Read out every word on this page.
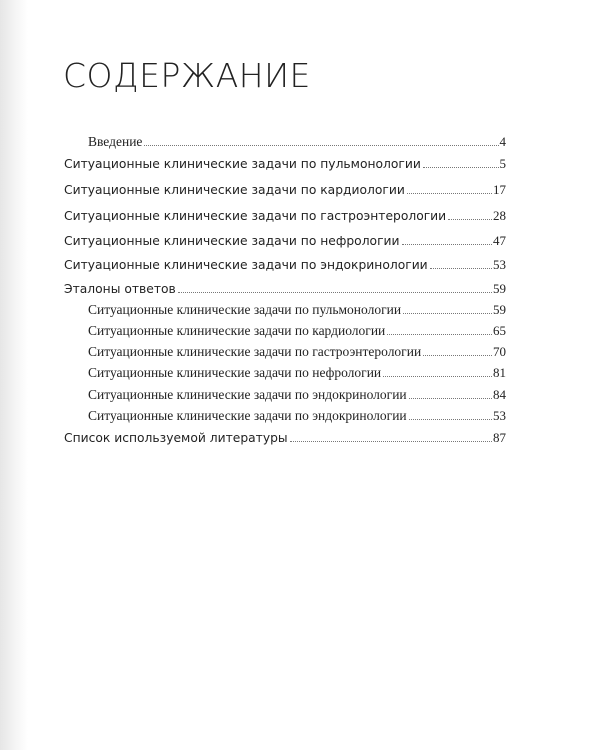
СОДЕРЖАНИЕ
Введение	4
Ситуационные клинические задачи по пульмонологии	5
Ситуационные клинические задачи по кардиологии	17
Ситуационные клинические задачи по гастроэнтерологии	28
Ситуационные клинические задачи по нефрологии	47
Ситуационные клинические задачи по эндокринологии	53
Эталоны ответов	59
Ситуационные клинические задачи по пульмонологии	59
Ситуационные клинические задачи по кардиологии	65
Ситуационные клинические задачи по гастроэнтерологии	70
Ситуационные клинические задачи по нефрологии	81
Ситуационные клинические задачи по эндокринологии	84
Ситуационные клинические задачи по эндокринологии	53
Список используемой литературы	87
